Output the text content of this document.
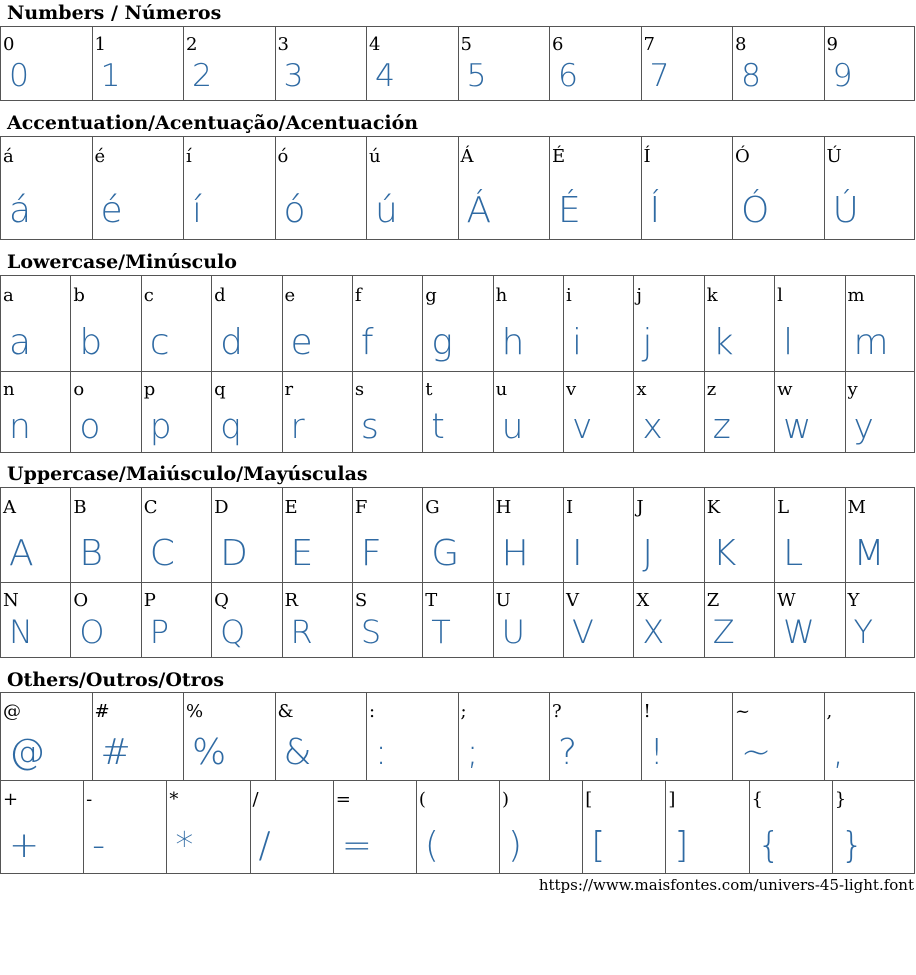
Numbers / Números
0
0
1
1
2
2
3
3
4
4
5
5
6
6
7
7
8
8
9
9
Accentuation/Acentuação/Acentuación
á
á
é
é
í
í
ó
ó
ú
ú
Á
Á
É
É
Í
Í
Ó
Ó
Ú
Ú
Lowercase/Minúsculo
a
a
b
b
c
c
d
d
e
e
f
f
g
g
h
h
i
i
j
j
k
k
l
l
m
m
n
n
o
o
p
p
q
q
r
r
s
s
t
t
u
u
v
v
x
x
z
z
w
w
y
y
Uppercase/Maiúsculo/Mayúsculas
A
A
B
B
C
C
D
D
E
E
F
F
G
G
H
H
I
I
J
J
K
K
L
L
M
M
N
N
O
O
P
P
Q
Q
R
R
S
S
T
T
U
U
V
V
X
X
Z
Z
W
W
Y
Y
Others/Outros/Otros
@
@
#
#
%
%
&
&
:
:
;
;
?
?
!
!
~
~
,
,
+
+
-
-
*
*
/
/
=
=
(
(
)
)
[
[
]
]
{
{
}
}
https://www.maisfontes.com/univers-45-light.font
